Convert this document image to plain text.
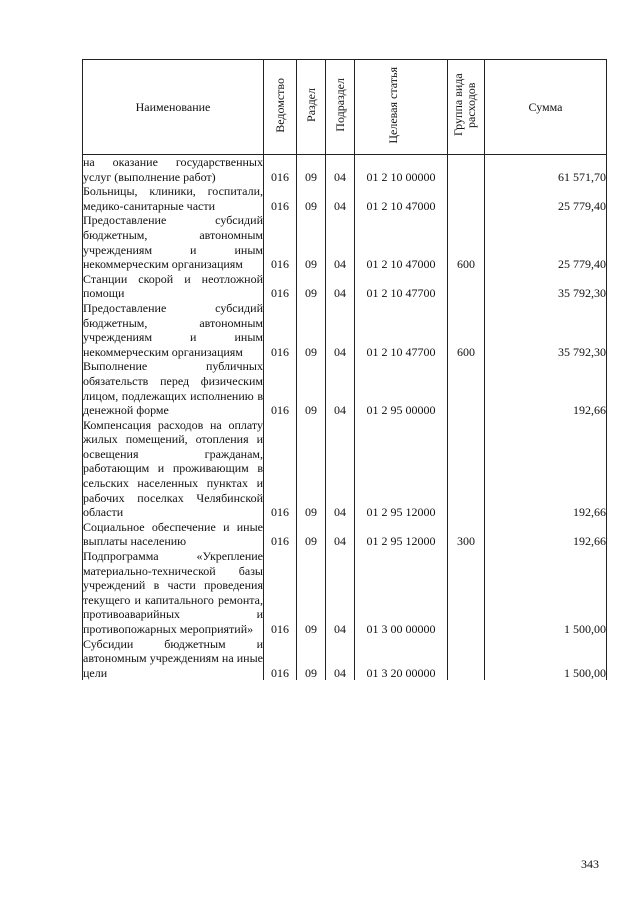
Наименование	Ведомство	Раздел	Подраздел	Целевая статья	Группа вида расходов	Сумма
на оказание государственных услуг (выполнение работ)	016	09	04	01 2 10 00000		61 571,70
Больницы, клиники, госпитали, медико-санитарные части	016	09	04	01 2 10 47000		25 779,40
Предоставление субсидий бюджетным, автономным учреждениям и иным некоммерческим организациям	016	09	04	01 2 10 47000	600	25 779,40
Станции скорой и неотложной помощи	016	09	04	01 2 10 47700		35 792,30
Предоставление субсидий бюджетным, автономным учреждениям и иным некоммерческим организациям	016	09	04	01 2 10 47700	600	35 792,30
Выполнение публичных обязательств перед физическим лицом, подлежащих исполнению в денежной форме	016	09	04	01 2 95 00000		192,66
Компенсация расходов на оплату жилых помещений, отопления и освещения гражданам, работающим и проживающим в сельских населенных пунктах и рабочих поселках Челябинской области	016	09	04	01 2 95 12000		192,66
Социальное обеспечение и иные выплаты населению	016	09	04	01 2 95 12000	300	192,66
Подпрограмма «Укрепление материально-технической базы учреждений в части проведения текущего и капитального ремонта, противоаварийных и противопожарных мероприятий»	016	09	04	01 3 00 00000		1 500,00
Субсидии бюджетным и автономным учреждениям на иные цели	016	09	04	01 3 20 00000		1 500,00
343
